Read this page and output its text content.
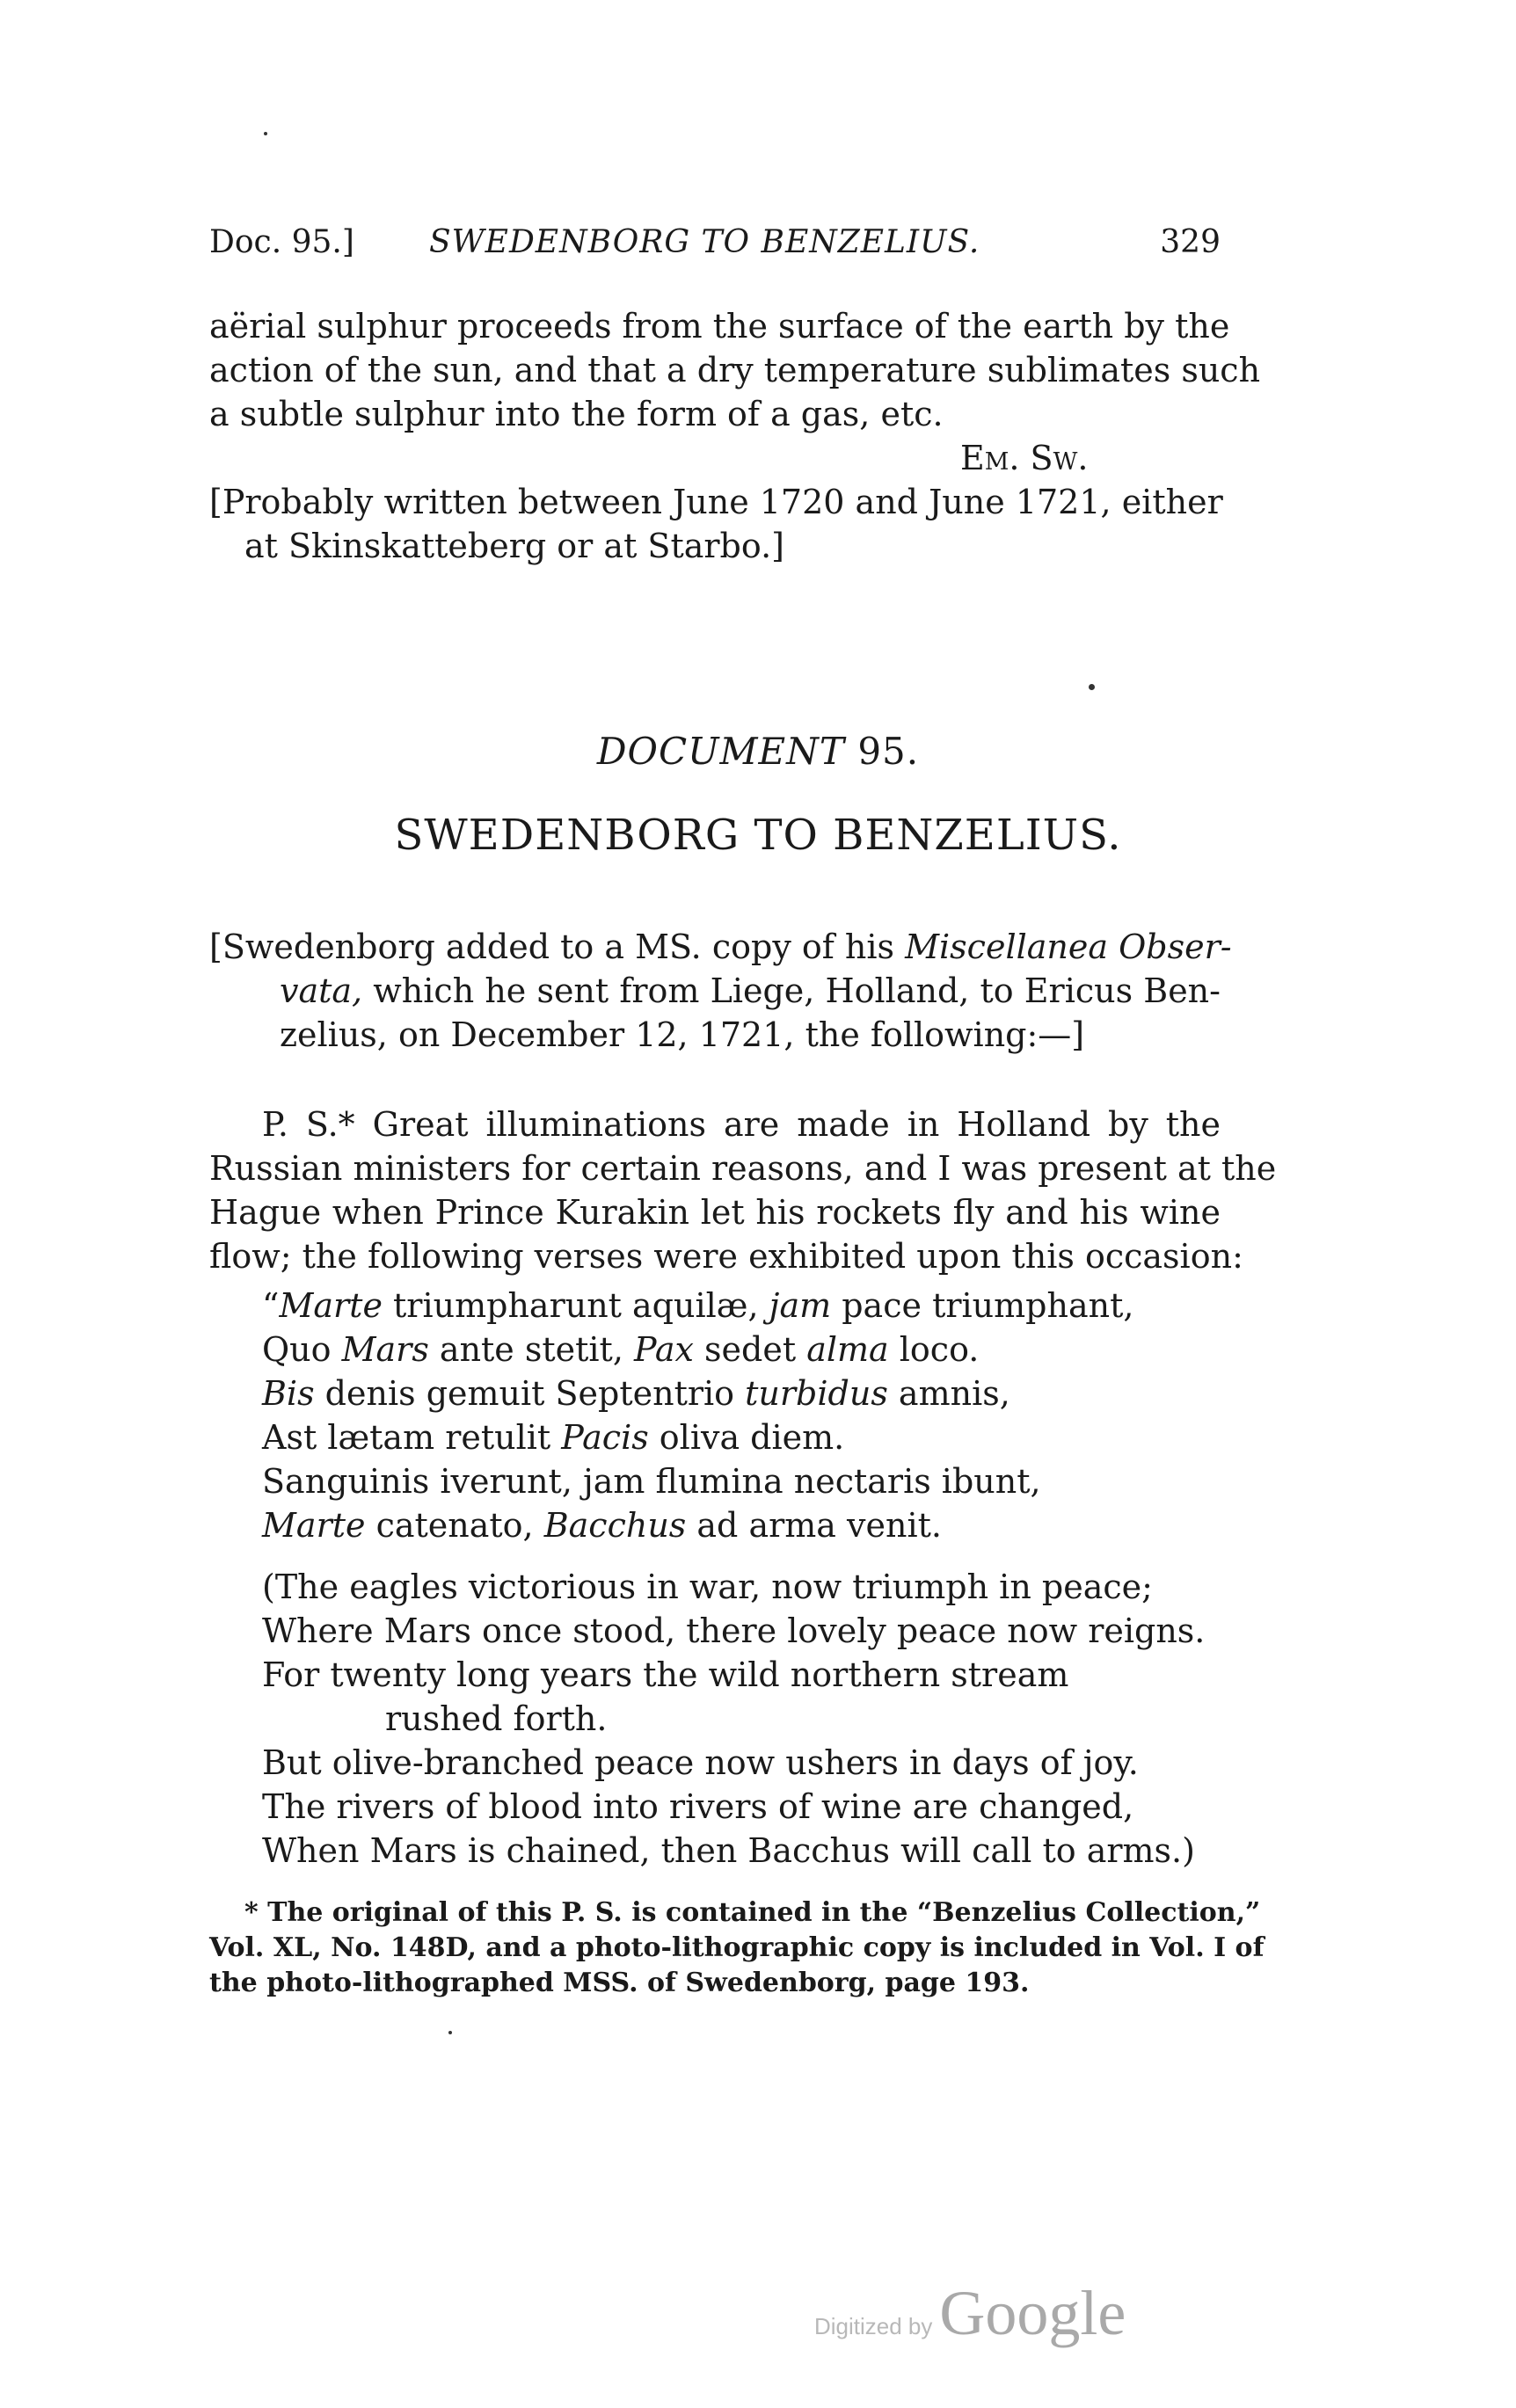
Doc. 95.] SWEDENBORG TO BENZELIUS.	329
aërial sulphur proceeds from the surface of the earth by the
action of the sun, and that a dry temperature sublimates such
a subtle sulphur into the form of a gas, etc.
Em. Sw.
[Probably written between June 1720 and June 1721, either
at Skinskatteberg or at Starbo.]
DOCUMENT 95.
SWEDENBORG TO BENZELIUS.
[Swedenborg added to a MS. copy of his Miscellanea Obser-
vata, which he sent from Liege, Holland, to Ericus Ben-
zelius, on December 12, 1721, the following:—]
P. S.* Great illuminations are made in Holland by the
Russian ministers for certain reasons, and I was present at the
Hague when Prince Kurakin let his rockets fly and his wine
flow; the following verses were exhibited upon this occasion:
“Marte triumpharunt aquilæ, jam pace triumphant,
Quo Mars ante stetit, Pax sedet alma loco.
Bis denis gemuit Septentrio turbidus amnis,
Ast lætam retulit Pacis oliva diem.
Sanguinis iverunt, jam flumina nectaris ibunt,
Marte catenato, Bacchus ad arma venit.
(The eagles victorious in war, now triumph in peace;
Where Mars once stood, there lovely peace now reigns.
For twenty long years the wild northern stream
rushed forth.
But olive-branched peace now ushers in days of joy.
The rivers of blood into rivers of wine are changed,
When Mars is chained, then Bacchus will call to arms.)
* The original of this P. S. is contained in the “Benzelius Collection,”
Vol. XL, No. 148D, and a photo-lithographic copy is included in Vol. I of
the photo-lithographed MSS. of Swedenborg, page 193.
Digitized by Google
